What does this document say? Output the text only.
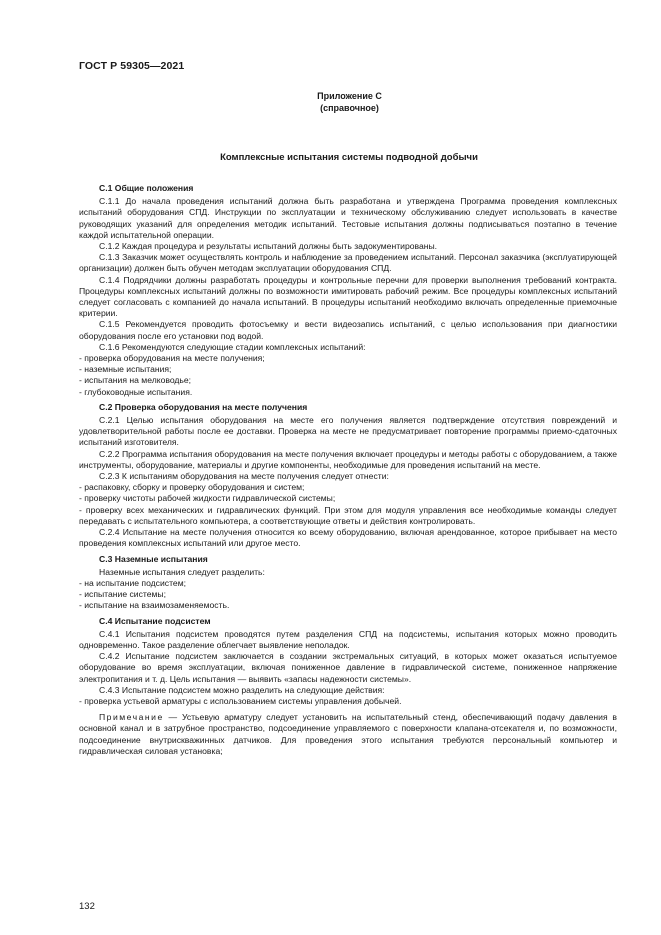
ГОСТ Р 59305—2021
Приложение С
(справочное)
Комплексные испытания системы подводной добычи
С.1 Общие положения

С.1.1 До начала проведения испытаний должна быть разработана и утверждена Программа проведения комплексных испытаний оборудования СПД. Инструкции по эксплуатации и техническому обслуживанию следует использовать в качестве руководящих указаний для определения методик испытаний. Тестовые испытания должны подписываться поэтапно в течение каждой испытательной операции.

С.1.2 Каждая процедура и результаты испытаний должны быть задокументированы.

С.1.3 Заказчик может осуществлять контроль и наблюдение за проведением испытаний. Персонал заказчика (эксплуатирующей организации) должен быть обучен методам эксплуатации оборудования СПД.

С.1.4 Подрядчики должны разработать процедуры и контрольные перечни для проверки выполнения требований контракта. Процедуры комплексных испытаний должны по возможности имитировать рабочий режим. Все процедуры комплексных испытаний следует согласовать с компанией до начала испытаний. В процедуры испытаний необходимо включать определенные приемочные критерии.

С.1.5 Рекомендуется проводить фотосъемку и вести видеозапись испытаний, с целью использования при диагностики оборудования после его установки под водой.

С.1.6 Рекомендуются следующие стадии комплексных испытаний:

- проверка оборудования на месте получения;

- наземные испытания;

- испытания на мелководье;

- глубоководные испытания.

С.2 Проверка оборудования на месте получения

С.2.1 Целью испытания оборудования на месте его получения является подтверждение отсутствия повреждений и удовлетворительной работы после ее доставки. Проверка на месте не предусматривает повторение программы приемо-сдаточных испытаний изготовителя.

С.2.2 Программа испытания оборудования на месте получения включает процедуры и методы работы с оборудованием, а также инструменты, оборудование, материалы и другие компоненты, необходимые для проведения испытаний на месте.

С.2.3 К испытаниям оборудования на месте получения следует отнести:

- распаковку, сборку и проверку оборудования и систем;

- проверку чистоты рабочей жидкости гидравлической системы;

- проверку всех механических и гидравлических функций. При этом для модуля управления все необходимые команды следует передавать с испытательного компьютера, а соответствующие ответы и действия контролировать.

С.2.4 Испытание на месте получения относится ко всему оборудованию, включая арендованное, которое прибывает на место проведения комплексных испытаний или другое место.

С.3 Наземные испытания

Наземные испытания следует разделить:

- на испытание подсистем;

- испытание системы;

- испытание на взаимозаменяемость.

С.4 Испытание подсистем

С.4.1 Испытания подсистем проводятся путем разделения СПД на подсистемы, испытания которых можно проводить одновременно. Такое разделение облегчает выявление неполадок.

С.4.2 Испытание подсистем заключается в создании экстремальных ситуаций, в которых может оказаться испытуемое оборудование во время эксплуатации, включая пониженное давление в гидравлической системе, пониженное напряжение электропитания и т. д. Цель испытания — выявить «запасы надежности системы».

С.4.3 Испытание подсистем можно разделить на следующие действия:

- проверка устьевой арматуры с использованием системы управления добычей.

Примечание — Устьевую арматуру следует установить на испытательный стенд, обеспечивающий подачу давления в основной канал и в затрубное пространство, подсоединение управляемого с поверхности клапана-отсекателя и, по возможности, подсоединение внутрискважинных датчиков. Для проведения этого испытания требуются персональный компьютер и гидравлическая силовая установка;

132
